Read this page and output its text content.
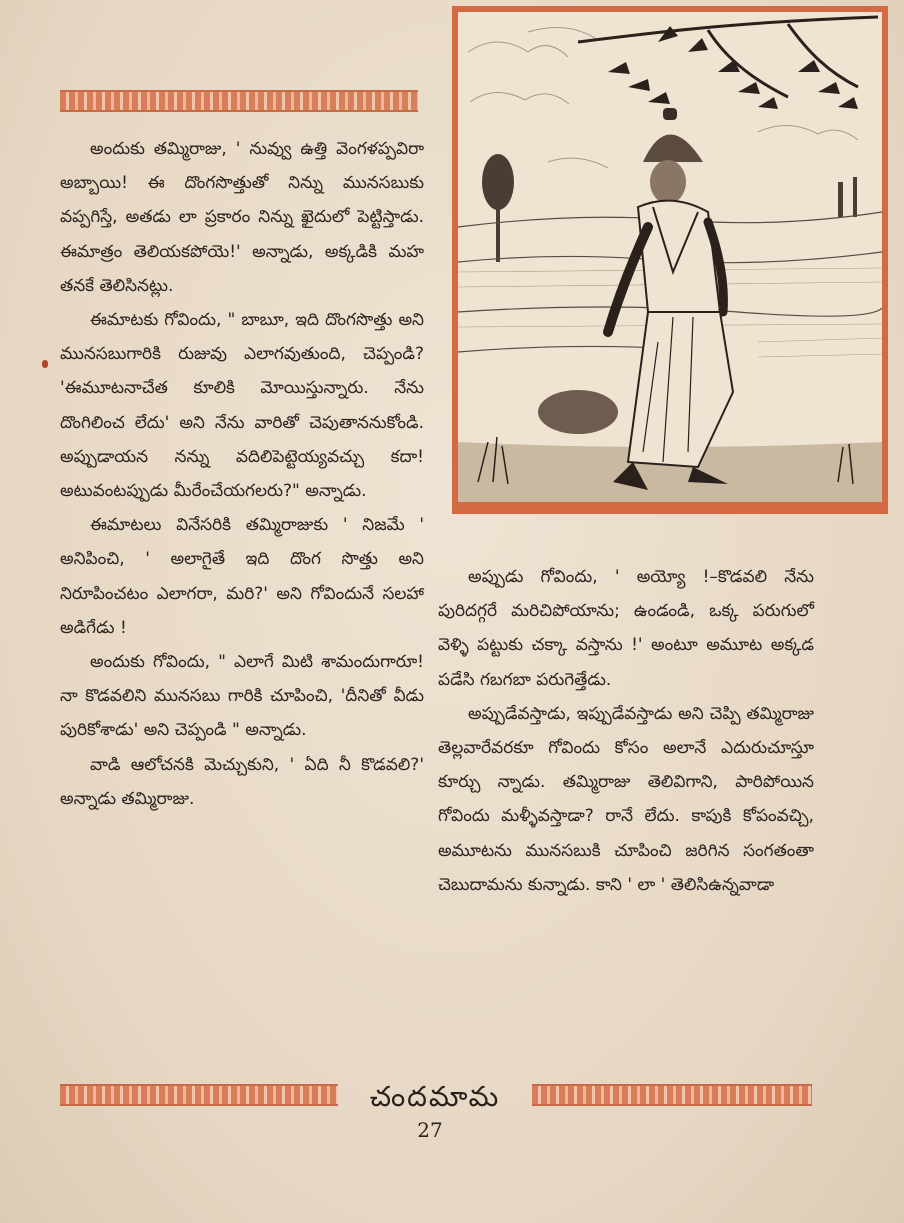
అందుకు తమ్మిరాజు, ' నువ్వు ఉత్తి వెంగళప్పవిరా అబ్బాయి! ఈ దొంగసొత్తుతో నిన్ను మునసబుకు వప్పగిస్తే, అతడు లా ప్రకారం నిన్ను ఖైదులో పెట్టిస్తాడు. ఈమాత్రం తెలియకపోయె!' అన్నాడు, అక్కడికి మహ తనకే తెలిసినట్లు.

ఈమాటకు గోవిందు, " బాబూ, ఇది దొంగసొత్తు అని మునసబుగారికి రుజువు ఎలాగవుతుంది, చెప్పండి? 'ఈమూటనాచేత కూలికి మోయిస్తున్నారు. నేను దొంగిలించ లేదు' అని నేను వారితో చెపుతాననుకోండి. అప్పుడాయన నన్ను వదిలిపెట్టెయ్యవచ్చు కదా! అటువంటప్పుడు మీరేంచేయగలరు?" అన్నాడు.

ఈమాటలు వినేసరికి తమ్మిరాజుకు ' నిజమే ' అనిపించి, ' అలాగైతే ఇది దొంగ సొత్తు అని నిరూపించటం ఎలాగరా, మరి?' అని గోవిందునే సలహా అడిగేడు !

అందుకు గోవిందు, " ఎలాగే మిటి శామందుగారూ! నా కొడవలిని మునసబు గారికి చూపించి, 'దీనితో వీడు పురికోశాడు' అని చెప్పండి " అన్నాడు.

వాడి ఆలోచనకి మెచ్చుకుని, ' ఏది నీ కొడవలి?' అన్నాడు తమ్మిరాజు.

అప్పుడు గోవిందు, ' అయ్యో !–కొడవలి నేను పురిదగ్గరే మరిచిపోయాను; ఉండండి, ఒక్క పరుగులో వెళ్ళి పట్టుకు చక్కా వస్తాను !' అంటూ అమూట అక్కడ పడేసి గబగబా పరుగెత్తేడు.

అప్పుడేవస్తాడు, ఇప్పుడేవస్తాడు అని చెప్పి తమ్మిరాజు తెల్లవారేవరకూ గోవిందు కోసం అలానే ఎదురుచూస్తూ కూర్చు న్నాడు. తమ్మిరాజు తెలివిగాని, పారిపోయిన గోవిందు మళ్ళీవస్తాడా? రానే లేదు. కాపుకి కోపంవచ్చి, అమూటను మునసబుకి చూపించి జరిగిన సంగతంతా చెబుదామను కున్నాడు. కాని ' లా ' తెలిసిఉన్నవాడా

చందమామ
27
